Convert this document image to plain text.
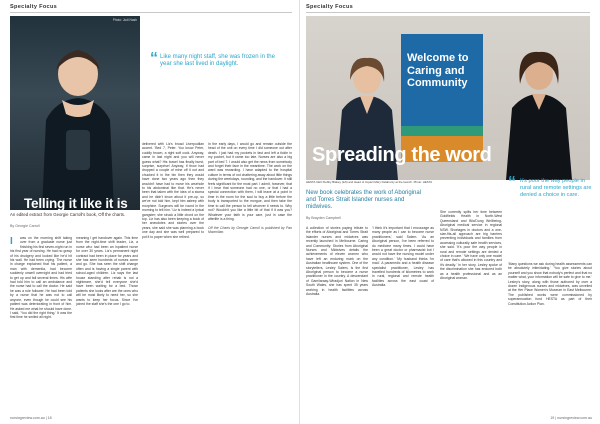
Specialty Focus
Photo: Jodi Nash
Telling it like it is
An edited extract from Georgie Carroll's book, Off the charts.
By Georgie Carroll
I	was on the morning shift taking over from a graduate nurse just finishing his first seven-night run in his first year of nursing. He had no grasp of his drudgery and looked like he'd hit his wall. He had been crying. The nurse in charge explained that his patient, a man with dementia, had become suddenly unwell overnight and had tried to get up and fall several times. His wife had told him to call an ambulance and the nurse had to call the doctor. He said he was a rule follower. He had been told by a nurse that he was not to call anyone, even though he could see his patient was deteriorating in front of him. He asked me what he should have done. I said, 'You did the right thing.' It was the first time he smiled all night.
meaning I get handover again. This time from the night-time shift leader, Liz, a nurse who had been an inpatient nurse for over 30 years. Liz's permanent night contract had been in place for years and she has seen hundreds of nurses come and go. She has seen the shift change often and is having a single parent with school-aged children. Liz says the last house standing after rehab is not a nightmare, she'd tell everyone she'd have been waiting for a bed. Those patients she looks after are the ones who will be most likely to need her, so she wants to keep her focus. Since I've joined the staff she's the one I go to.
“ Like many night staff, she was frozen in the year she last lived in daylight.
delivered with Liz's broad Liverpudlian accent. 'Bed 7, Peter. You know Peter, cuddly brown, a right soft cock. Anyway, came in last night and you will never guess what? His bowel has finally burst, surprise, surprise! Anyway, if thow had dropped a couple of mine off it out and chucked it in the bin then they would have done two years ago then they wouldn't have had to move his arsehole to his abdominal like that. He's never been that taken with the idea of a stoma and he didn't know about it pre-op, so we've not told him, kept him asleep with morphine. Surgeons will be round in the morning to tell him.' Liz is indeed a lyrical gangster; she struck a little chord on the top. Liz has also been keeping a book of her anecdotes and stories over the years, she said she was planning a book one day and she was well prepared to put it to paper when she retired.
In the early days, I would go and remain outside the head of the unit on every time I did someone out after death. I just had my pockets in fast and left a tickle in my pocket, but it came too late. Nurses are also a big part of bed 7. I would also get the news from somebody and forget their face in the meantime. The work on the ward was rewarding. I have adapted to the hospital culture in terms of not chattering away about little things during the weekdays, rounding, and the handover. It still feels significant for the most part. I admit, however, that if I hear that someone had no one, or that I had a special connection with them, I will leave at a point in time in the room for the soul to buy a little before the body is transported to the morgue, and then take the time to call the person to tell whoever it needs to. Why not? Wouldn't you like a little bit of that if it was you? Whatever your faith is your care, just in case the afterlife is a thing.

Off the Charts by Georgie Carroll is published by Pan Macmillan.
nursingreview.com.au | 18
Specialty Focus
Welcome to Caring and Community
Spreading the word
HESTA CEO Debby Blakey (left) and Head of Impact Mary Delahunty at the launch. Photo: HESTA
New book celebrates the work of Aboriginal and Torres Strait Islander nurses and midwives.
By Brayden Campbell
A collection of stories paying tribute to the efforts of Aboriginal and Torres Strait Islander nurses and midwives was recently launched in Melbourne. Caring and Community: Stories from Aboriginal Nurses and Midwives details the achievements of eleven women who have left an enduring mark on the Australian healthcare system. One of the storytellers, Lesley Salem, is the first Aboriginal person to become a nurse practitioner in the country. A descendant of Gamilaraay-Wiradjuri Nation in New South Wales, she has spent 35 years working in health facilities across Australia.
'I think it's important that I encourage as many people as I can to become nurse practitioners,' said Salem. 'As an Aboriginal person, I've been referred to do medicine many times. I could have been a great doctor or pharmacist but I would not have the nursing model under any condition.' 'My husband thinks I'm mad.' A paramedic and a health disease specialist practitioner, Lesley has travelled hundreds of kilometres to work in rural, regional and remote health facilities across the east coast of Australia.
She currently splits her time between Goldfields Health in North-West Queensland and Bila'Dung Wellbeing-Aboriginal medical service in regional NSW. Shortages in doctors and a one-size-fits-all approach are big barriers preventing individuals and families from accessing culturally safe health services, she said. 'It's poor the way people in rural and remote settings are denied a choice in care.' 'We have only one model of care that's allowed in this country and it's deadly.' In her story, Lesley spoke of the discrimination she has endured both as a health professional and as an Aboriginal woman.
“ It's poor the way people in rural and remote settings are denied a choice in care.
'Many questions we ask during health assessments can be absolutely intimidating.' 'You give stories about yourself and you show that nobody's perfect and that no matter what, your information will be safe to give to me.' Lesley's story, along with those authored by over a dozen Indigenous nurses and midwives, was unveiled at the Her Place Women's Museum in East Melbourne. The published works were commissioned by superannuation fund HESTA as part of their Constitution Action Plan.
19 | nursingreview.com.au
